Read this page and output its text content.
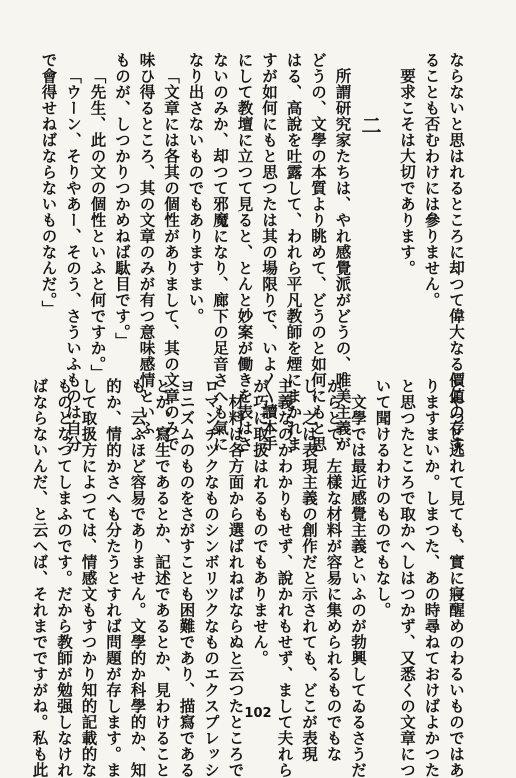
ならないと思はれるところに却つて偉大なる價値の存す
ることも否むわけには參りません。
要求こそは大切であります。
所謂研究家たちは、やれ感覺派がどうの、唯美主義が
どうの、文學の本質より眺めて、どうのと如何にもと思
はる、高說を吐露して、われら平凡教師を煙にまかれま
すが如何にもと思つたは其の場限りで、いよ〳〵讀本手
にして教壇に立つて見ると、とんと妙案が働きを表はさ
ないのみか、却つて邪魔になり、廊下の足音さへも氣に
なり出さないものでもありますまい。
「文章には各其の個性がありまして、其の文章のみで
味ひ得るところ、其の文章のみが有つ意味感情といふ
ものが、しつかりつかめねば駄目です。」
「先生、此の文の個性といふと何ですか。」
「ウーン、そりやあー、そのう、さういふものは自分
で會得せねばならないものなんだ。」	二
とやつと逃れて見ても、實に寢醒めのわるいものではあ
りますまいか。しまつた、あの時尋ねておけばよかつた
と思つたところで取かへしはつかず、又悉くの文章につ
いて聞けるわけのものでもなし。
文學では最近感覺主義といふのが勃興してゐるさうだ
からとて、左樣な材料が容易に集められるものでもな
し、之は表現主義の創作だと示されても、どこが表現
主義なのかわかりもせず、說かれもせず、まして夫れら
が巧に取扱はれるものでもありません。
材料は各方面から選ばれねばならぬと云つたところで
ロマンチツクなものシンボリツクなものエクスプレッシ
ヨニズムのものをさがすことも困難であり、描寫である
とか、寫生であるとか、記述であるとか、見わけること
も、云ふほど容易でありません。文學的か科學的か、知
的か、情的かさへも分たうとすれば問題が存します。ま
して取扱方によつては、情感文もすつかり知的記載的な
ものとなつてしまふのです。だから教師が勉强しなけれ
ばならないんだ、と云へば、それまでですがね。私も此	102
